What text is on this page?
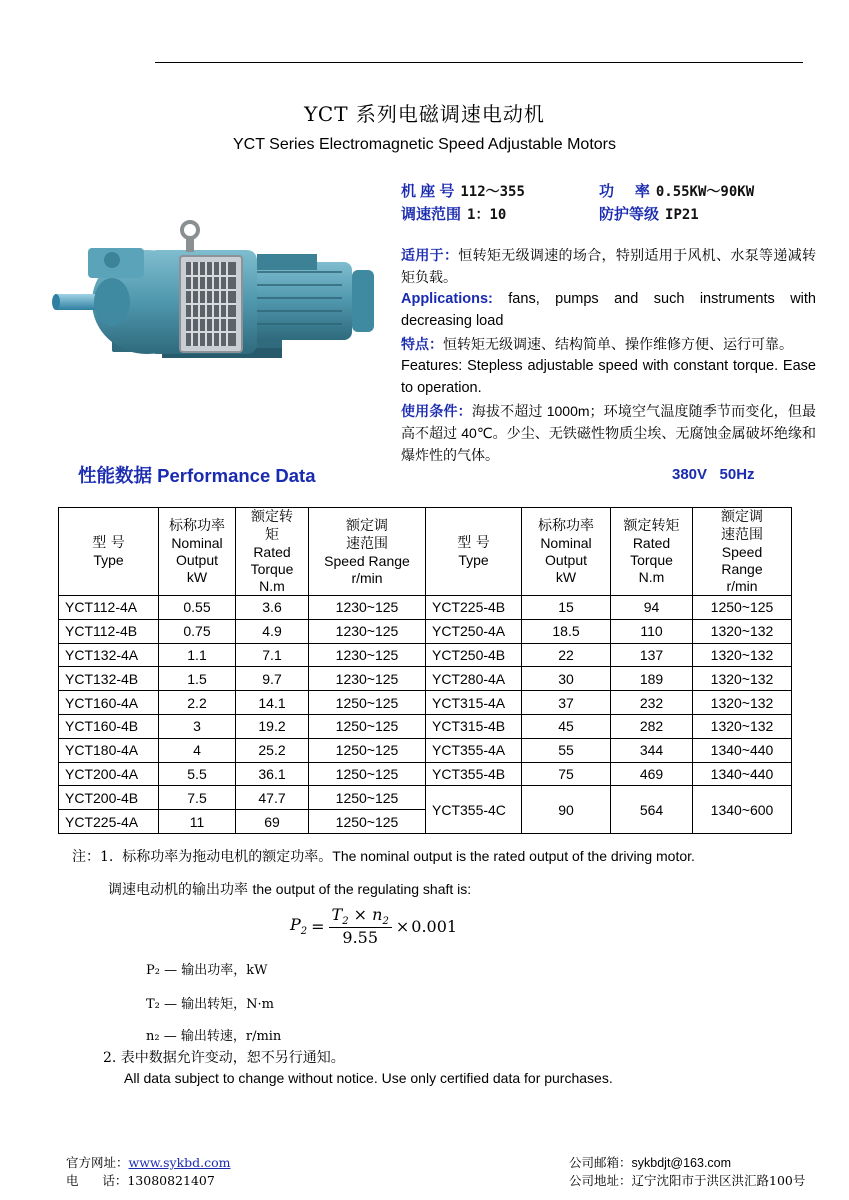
YCT 系列电磁调速电动机
YCT Series Electromagnetic Speed Adjustable Motors
机 座 号 112～355	功     率 0.55KW～90KW
调速范围 1：10	防护等级 IP21
适用于：恒转矩无级调速的场合，特别适用于风机、水泵等递减转矩负载。
Applications: fans, pumps and such instruments with decreasing load
特点：恒转矩无级调速、结构简单、操作维修方便、运行可靠。
Features: Stepless adjustable speed with constant torque. Ease to operation.
使用条件：海拔不超过 1000m；环境空气温度随季节而变化，但最高不超过 40℃。少尘、无铁磁性物质尘埃、无腐蚀金属破坏绝缘和爆炸性的气体。
性能数据 Performance Data	380V   50Hz
型 号
Type	标称功率
Nominal
Output
kW	额定转
矩
Rated
Torque
N.m	额定调
速范围
Speed Range
r/min	型 号
Type	标称功率
Nominal
Output
kW	额定转矩
Rated
Torque
N.m	额定调
速范围
Speed
Range
r/min
YCT112-4A	0.55	3.6	1230~125	YCT225-4B	15	94	1250~125
YCT112-4B	0.75	4.9	1230~125	YCT250-4A	18.5	110	1320~132
YCT132-4A	1.1	7.1	1230~125	YCT250-4B	22	137	1320~132
YCT132-4B	1.5	9.7	1230~125	YCT280-4A	30	189	1320~132
YCT160-4A	2.2	14.1	1250~125	YCT315-4A	37	232	1320~132
YCT160-4B	3	19.2	1250~125	YCT315-4B	45	282	1320~132
YCT180-4A	4	25.2	1250~125	YCT355-4A	55	344	1340~440
YCT200-4A	5.5	36.1	1250~125	YCT355-4B	75	469	1340~440
YCT200-4B	7.5	47.7	1250~125	YCT355-4C	90	564	1340~600
YCT225-4A	11	69	1250~125				
注：1.  标称功率为拖动电机的额定功率。The nominal output is the rated output of the driving motor.
调速电动机的输出功率 the output of the regulating shaft is:
$P_2 = \frac{T_2 \times n_2}{9.55} \times 0.001$
P₂ — 输出功率，kW
T₂ — 输出转矩，N·m
n₂ — 输出转速，r/min
2. 表中数据允许变动，恕不另行通知。
All data subject to change without notice. Use only certified data for purchases.
官方网址：www.sykbd.com
电      话：13080821407
公司邮箱：sykbdjt@163.com
公司地址：辽宁沈阳市于洪区洪汇路100号
